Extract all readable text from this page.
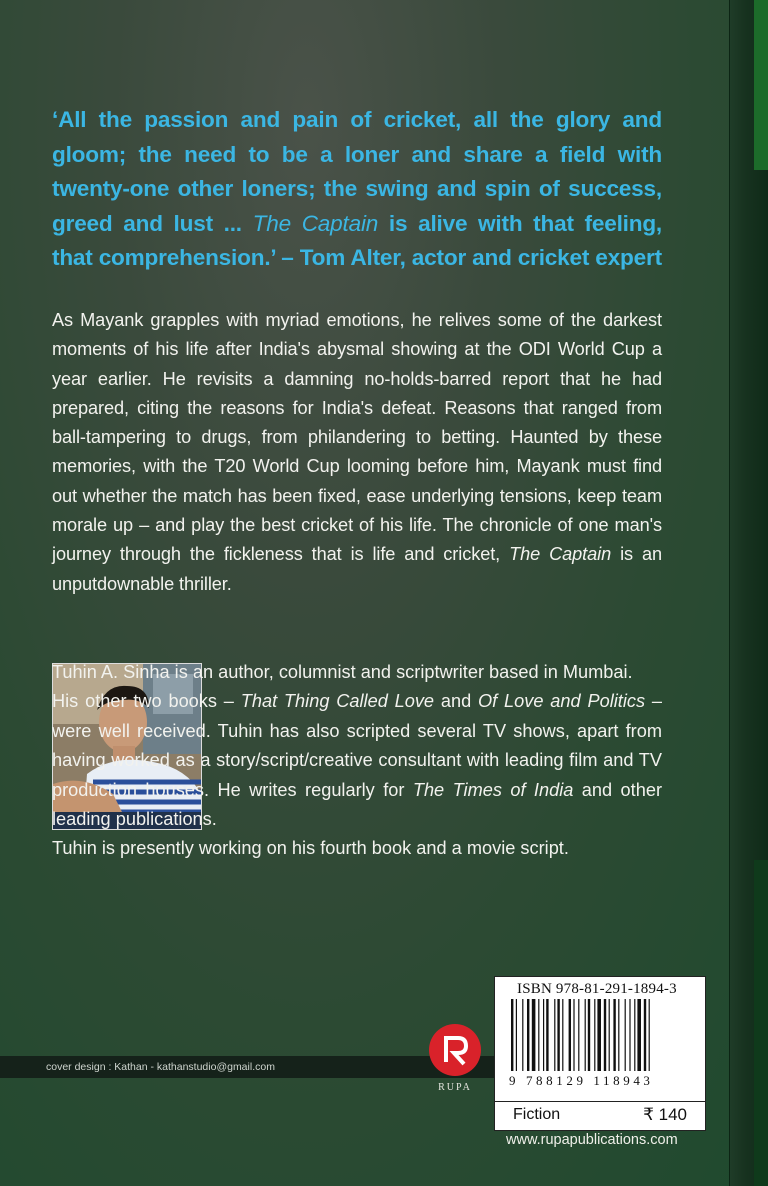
‘All the passion and pain of cricket, all the glory and gloom; the need to be a loner and share a field with twenty-one other loners; the swing and spin of success, greed and lust ... The Captain is alive with that feeling, that comprehension.’ – Tom Alter, actor and cricket expert
As Mayank grapples with myriad emotions, he relives some of the darkest moments of his life after India's abysmal showing at the ODI World Cup a year earlier. He revisits a damning no-holds-barred report that he had prepared, citing the reasons for India's defeat. Reasons that ranged from ball-tampering to drugs, from philandering to betting. Haunted by these memories, with the T20 World Cup looming before him, Mayank must find out whether the match has been fixed, ease underlying tensions, keep team morale up – and play the best cricket of his life. The chronicle of one man's journey through the fickleness that is life and cricket, The Captain is an unputdownable thriller.

Tuhin A. Sinha is an author, columnist and scriptwriter based in Mumbai.

His other two books – That Thing Called Love and Of Love and Politics – were well received. Tuhin has also scripted several TV shows, apart from having worked as a story/script/creative consultant with leading film and TV production houses. He writes regularly for The Times of India and other leading publications.

Tuhin is presently working on his fourth book and a movie script.

cover design : Kathan - kathanstudio@gmail.com
RUPA
ISBN 978-81-291-1894-3
9 788129 118943
Fiction	₹ 140
www.rupapublications.com
